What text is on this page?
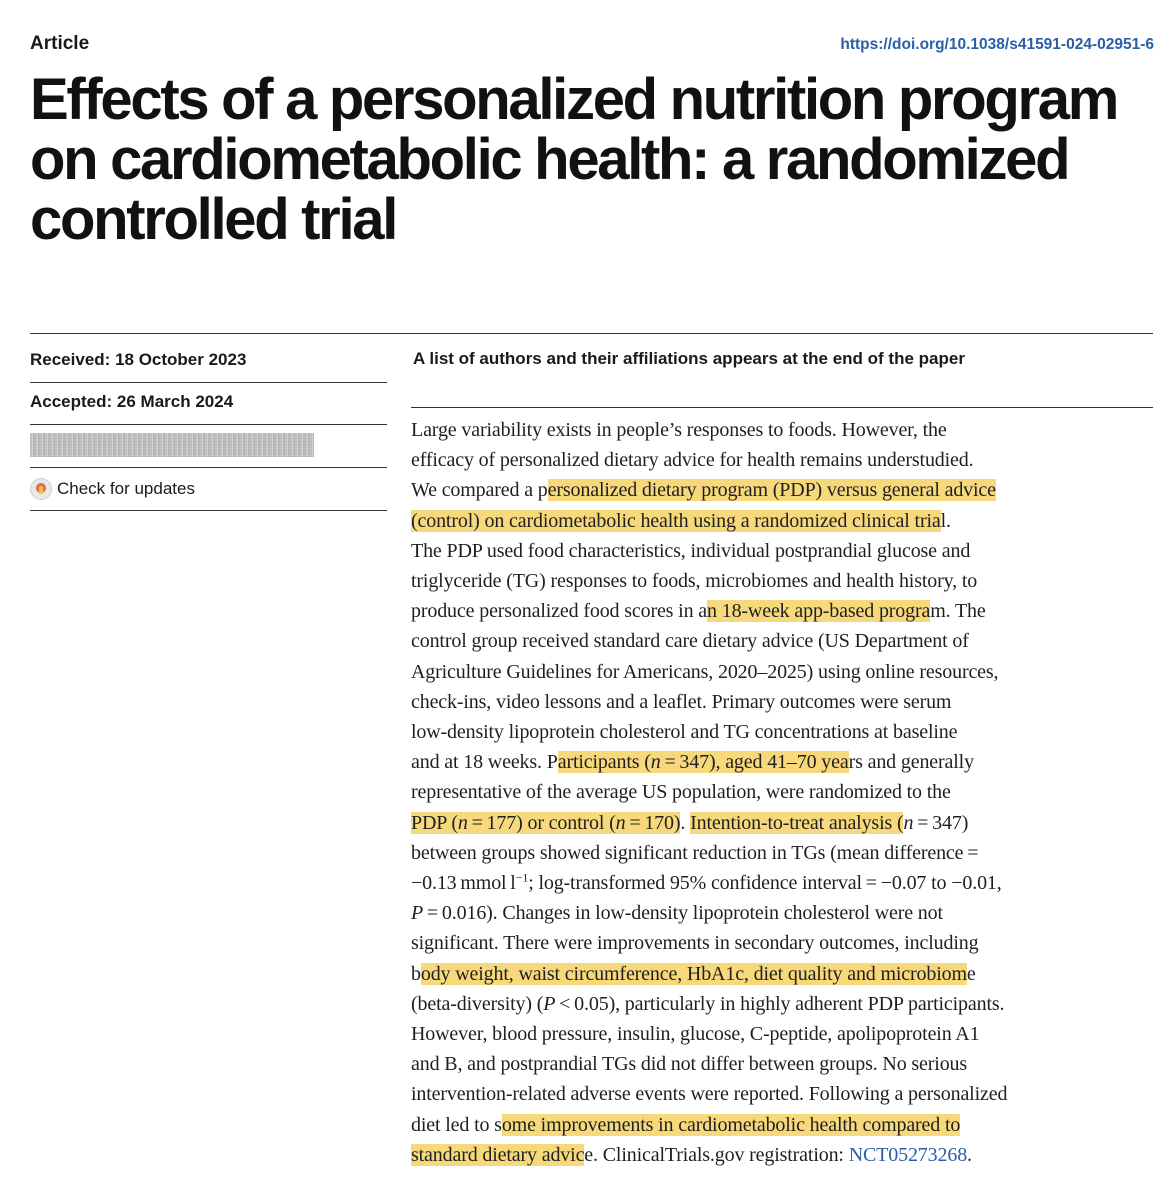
Article	https://doi.org/10.1038/s41591-024-02951-6
Effects of a personalized nutrition program on cardiometabolic health: a randomized controlled trial
Received: 18 October 2023
Accepted: 26 March 2024
Check for updates
A list of authors and their affiliations appears at the end of the paper

Large variability exists in people’s responses to foods. However, the
efficacy of personalized dietary advice for health remains understudied.
We compared a personalized dietary program (PDP) versus general advice
(control) on cardiometabolic health using a randomized clinical trial.
The PDP used food characteristics, individual postprandial glucose and
triglyceride (TG) responses to foods, microbiomes and health history, to
produce personalized food scores in an 18-week app-based program. The
control group received standard care dietary advice (US Department of
Agriculture Guidelines for Americans, 2020–2025) using online resources,
check-ins, video lessons and a leaflet. Primary outcomes were serum
low-density lipoprotein cholesterol and TG concentrations at baseline
and at 18 weeks. Participants (n = 347), aged 41–70 years and generally
representative of the average US population, were randomized to the
PDP (n = 177) or control (n = 170). Intention-to-treat analysis (n = 347)
between groups showed significant reduction in TGs (mean difference =
−0.13 mmol $l^{-1}$; log-transformed 95% confidence interval = −0.07 to −0.01,
P = 0.016). Changes in low-density lipoprotein cholesterol were not
significant. There were improvements in secondary outcomes, including
body weight, waist circumference, HbA1c, diet quality and microbiome
(beta-diversity) (P < 0.05), particularly in highly adherent PDP participants.
However, blood pressure, insulin, glucose, C-peptide, apolipoprotein A1
and B, and postprandial TGs did not differ between groups. No serious
intervention-related adverse events were reported. Following a personalized
diet led to some improvements in cardiometabolic health compared to
standard dietary advice. ClinicalTrials.gov registration: NCT05273268.
